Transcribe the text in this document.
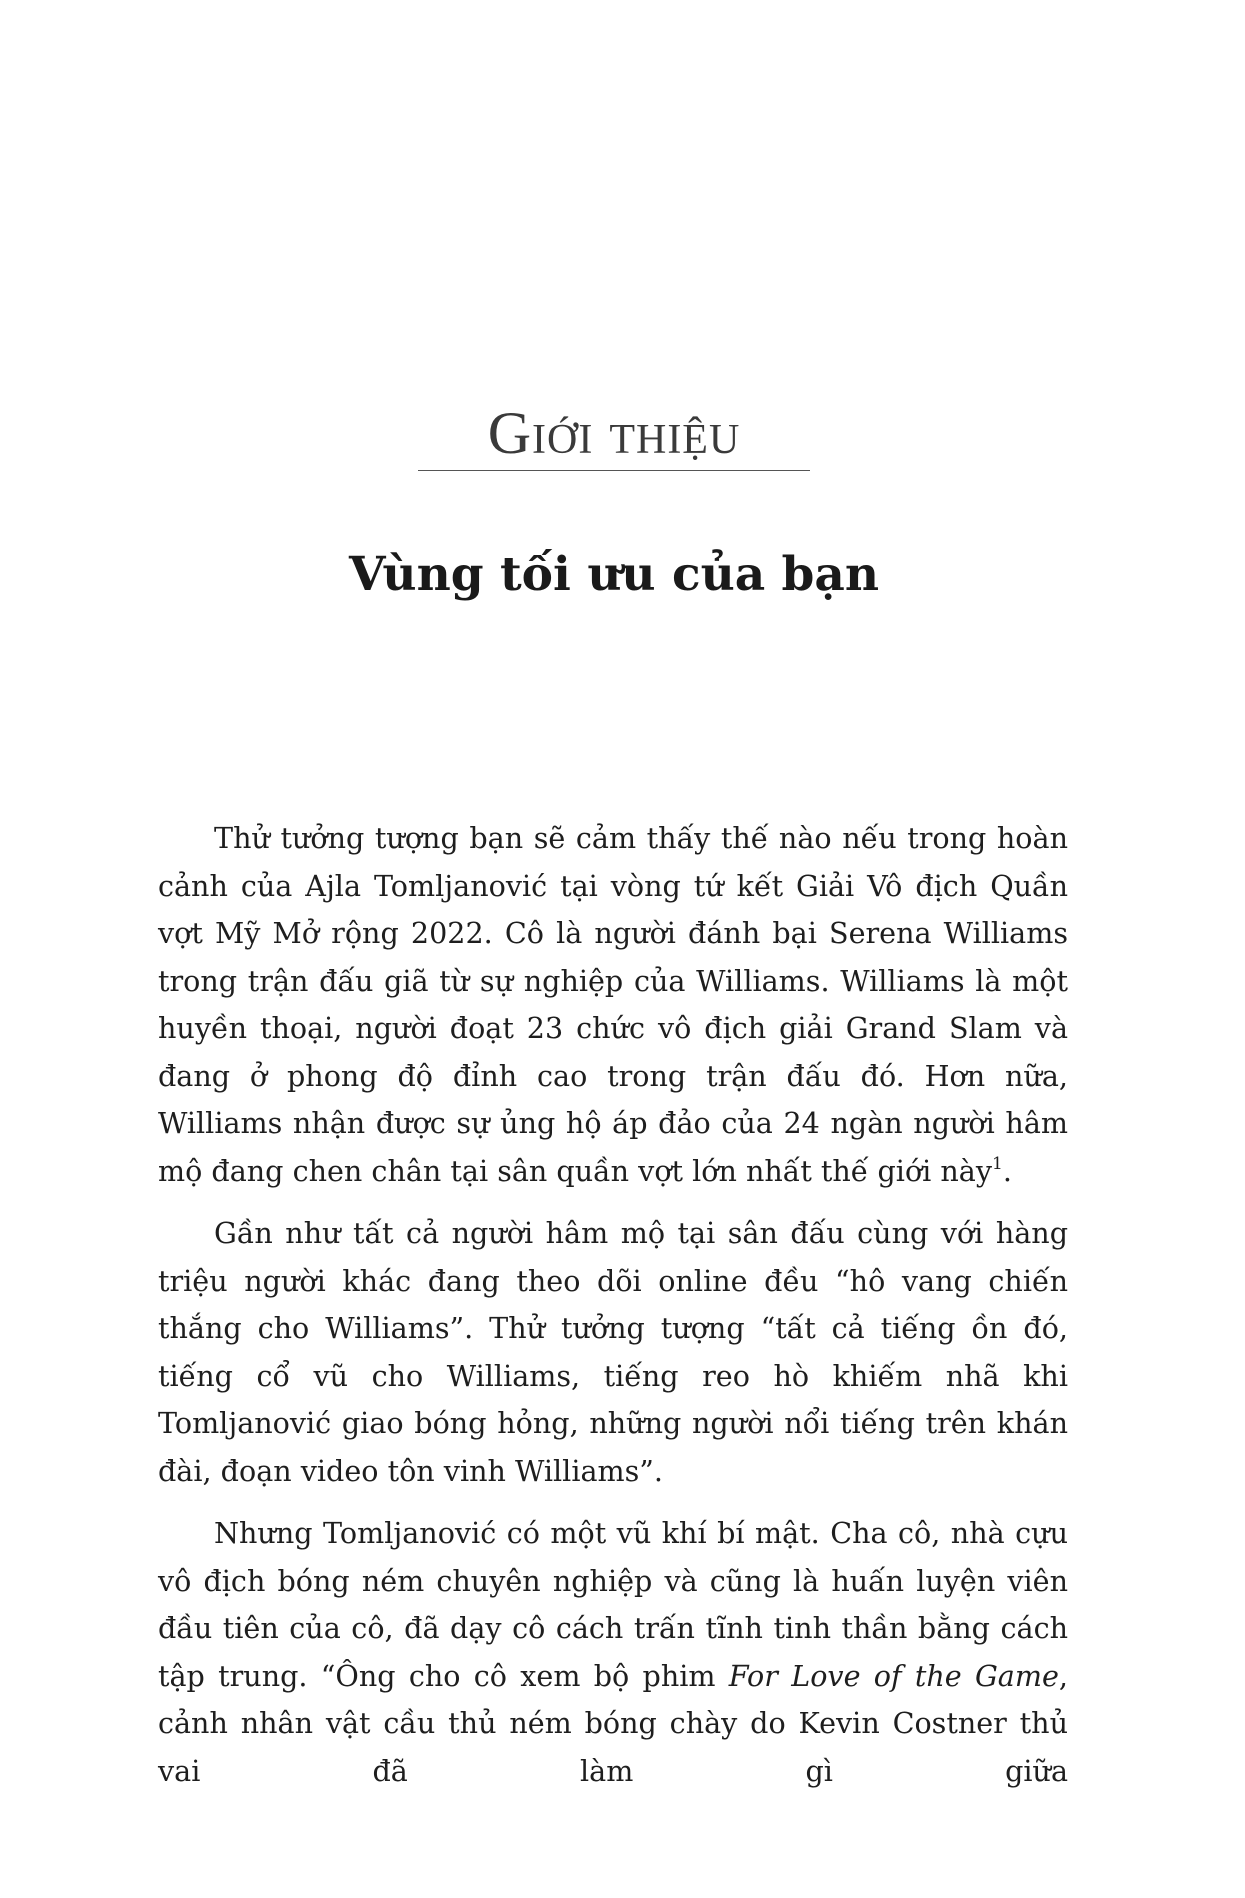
Giới thiệu
Vùng tối ưu của bạn

Thử tưởng tượng bạn sẽ cảm thấy thế nào nếu trong hoàn cảnh của Ajla Tomljanović tại vòng tứ kết Giải Vô địch Quần vợt Mỹ Mở rộng 2022. Cô là người đánh bại Serena Williams trong trận đấu giã từ sự nghiệp của Williams. Williams là một huyền thoại, người đoạt 23 chức vô địch giải Grand Slam và đang ở phong độ đỉnh cao trong trận đấu đó. Hơn nữa, Williams nhận được sự ủng hộ áp đảo của 24 ngàn người hâm mộ đang chen chân tại sân quần vợt lớn nhất thế giới này$^1$.

Gần như tất cả người hâm mộ tại sân đấu cùng với hàng triệu người khác đang theo dõi online đều “hô vang chiến thắng cho Williams”. Thử tưởng tượng “tất cả tiếng ồn đó, tiếng cổ vũ cho Williams, tiếng reo hò khiếm nhã khi Tomljanović giao bóng hỏng, những người nổi tiếng trên khán đài, đoạn video tôn vinh Williams”.

Nhưng Tomljanović có một vũ khí bí mật. Cha cô, nhà cựu vô địch bóng ném chuyên nghiệp và cũng là huấn luyện viên đầu tiên của cô, đã dạy cô cách trấn tĩnh tinh thần bằng cách tập trung. “Ông cho cô xem bộ phim For Love of the Game, cảnh nhân vật cầu thủ ném bóng chày do Kevin Costner thủ vai đã làm gì giữa
